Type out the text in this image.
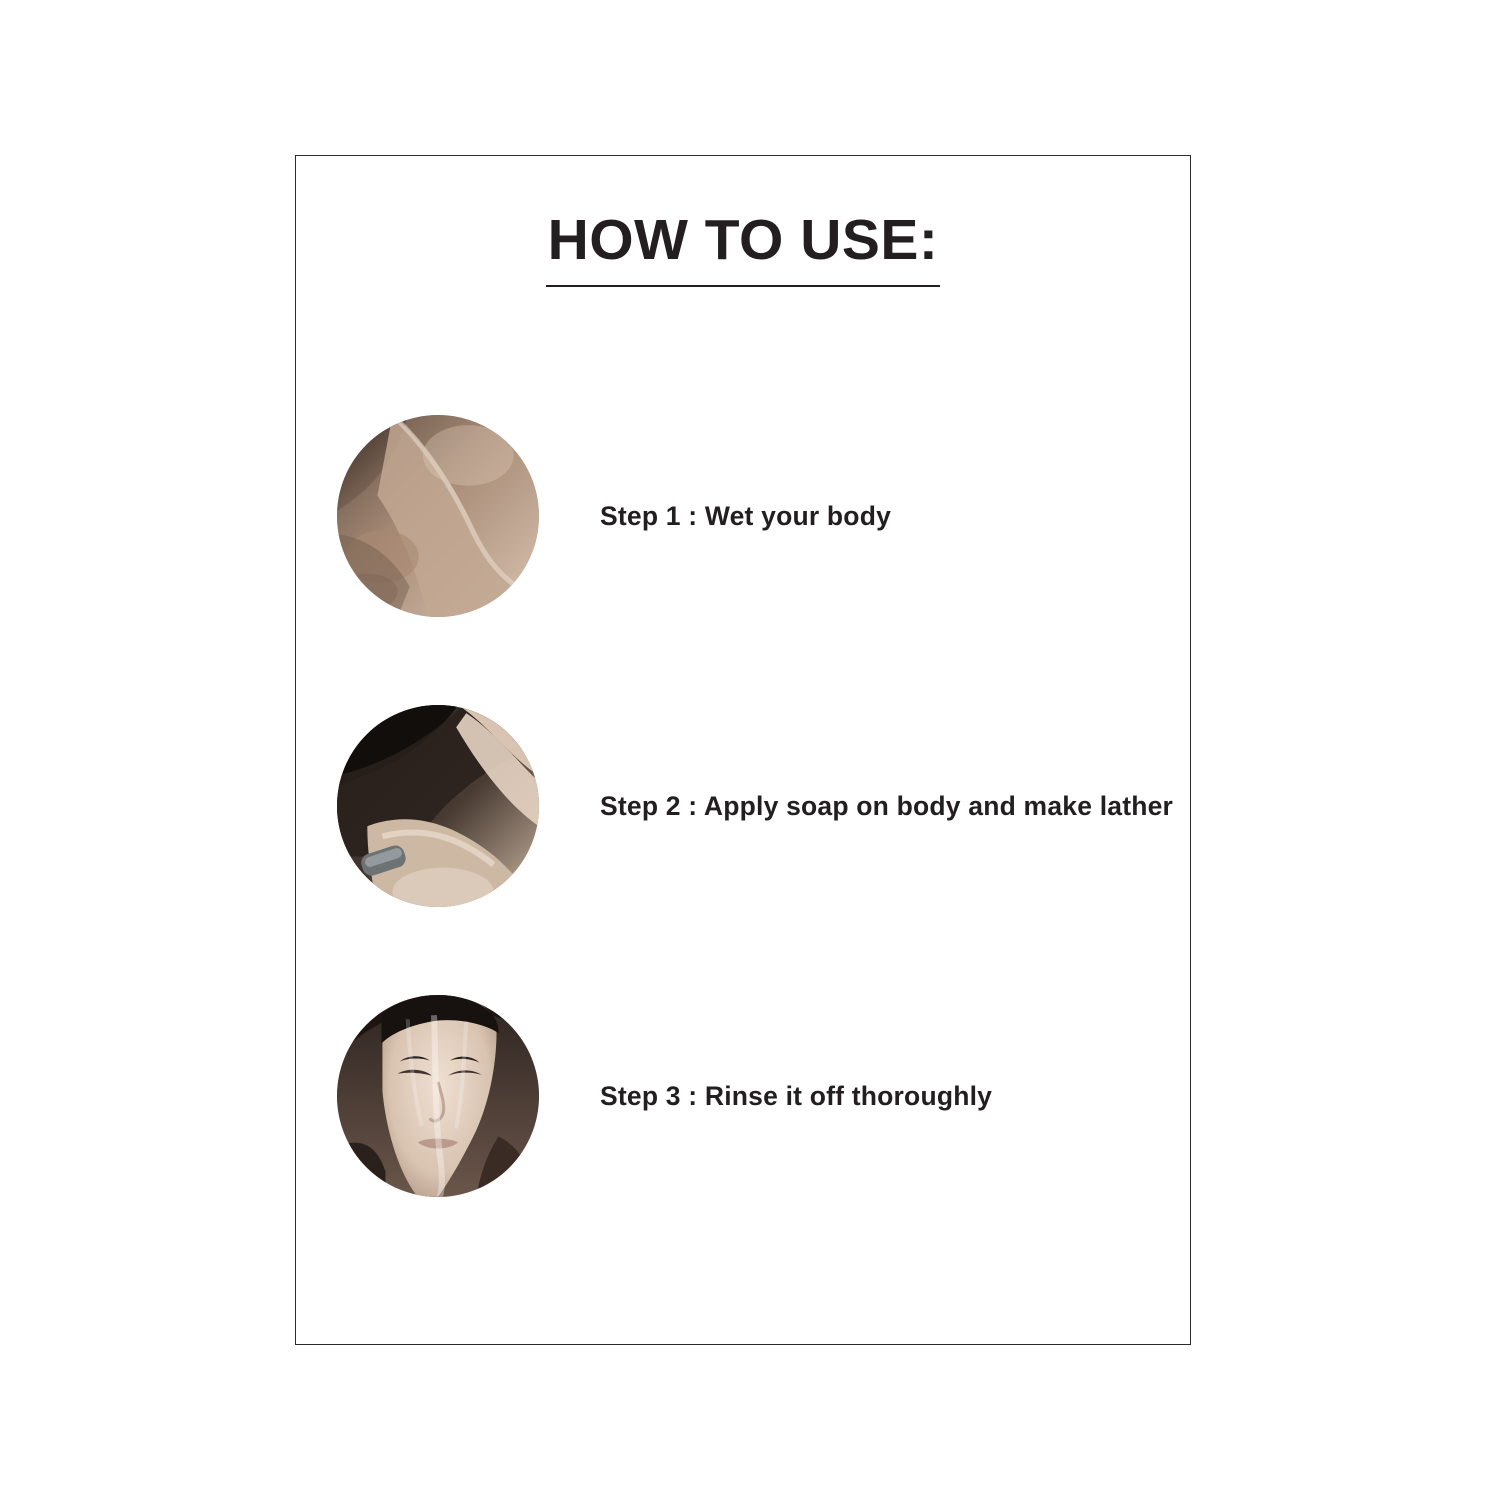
HOW TO USE:
Step 1 : Wet your body
Step 2 : Apply soap on body and make lather
Step 3 : Rinse it off thoroughly
